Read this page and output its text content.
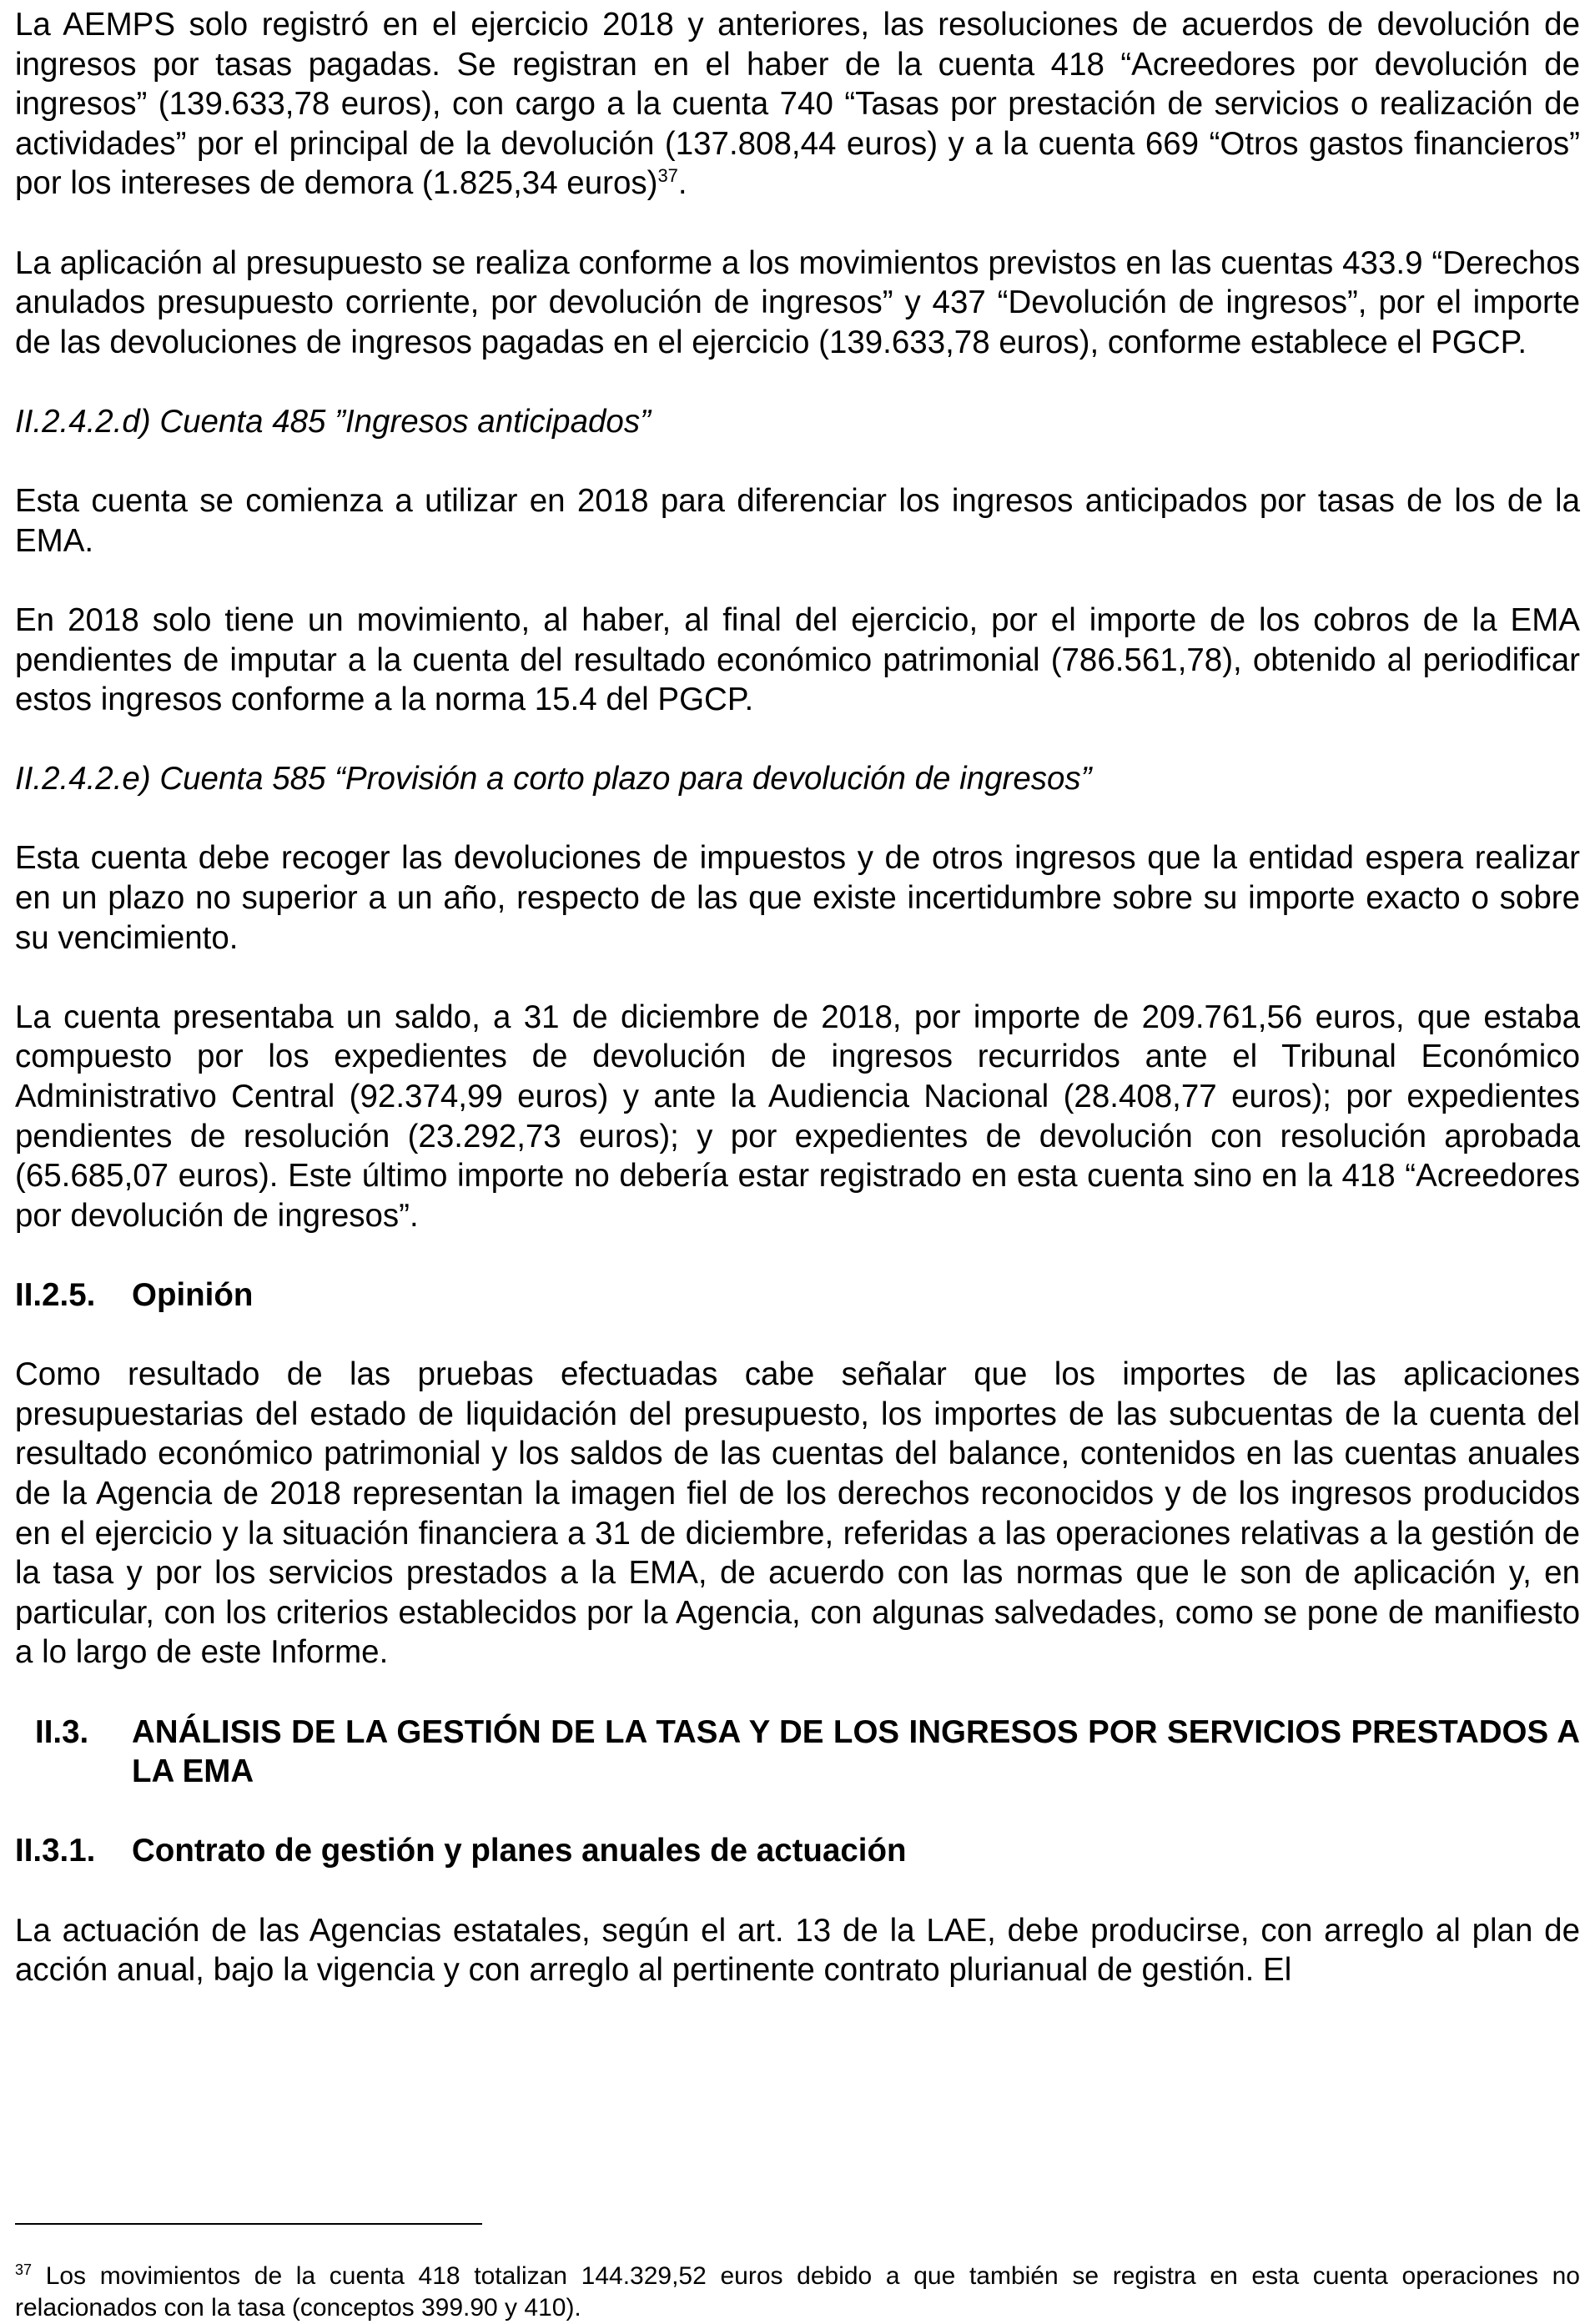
La AEMPS solo registró en el ejercicio 2018 y anteriores, las resoluciones de acuerdos de devolución de ingresos por tasas pagadas. Se registran en el haber de la cuenta 418 “Acreedores por devolución de ingresos” (139.633,78 euros), con cargo a la cuenta 740 “Tasas por prestación de servicios o realización de actividades” por el principal de la devolución (137.808,44 euros) y a la cuenta 669 “Otros gastos financieros” por los intereses de demora (1.825,34 euros)$^{37}$.

La aplicación al presupuesto se realiza conforme a los movimientos previstos en las cuentas 433.9 “Derechos anulados presupuesto corriente, por devolución de ingresos” y 437 “Devolución de ingresos”, por el importe de las devoluciones de ingresos pagadas en el ejercicio (139.633,78 euros), conforme establece el PGCP.

II.2.4.2.d) Cuenta 485 ”Ingresos anticipados”

Esta cuenta se comienza a utilizar en 2018 para diferenciar los ingresos anticipados por tasas de los de la EMA.

En 2018 solo tiene un movimiento, al haber, al final del ejercicio, por el importe de los cobros de la EMA pendientes de imputar a la cuenta del resultado económico patrimonial (786.561,78), obtenido al periodificar estos ingresos conforme a la norma 15.4 del PGCP.

II.2.4.2.e) Cuenta 585 “Provisión a corto plazo para devolución de ingresos”

Esta cuenta debe recoger las devoluciones de impuestos y de otros ingresos que la entidad espera realizar en un plazo no superior a un año, respecto de las que existe incertidumbre sobre su importe exacto o sobre su vencimiento.

La cuenta presentaba un saldo, a 31 de diciembre de 2018, por importe de 209.761,56 euros, que estaba compuesto por los expedientes de devolución de ingresos recurridos ante el Tribunal Económico Administrativo Central (92.374,99 euros) y ante la Audiencia Nacional (28.408,77 euros); por expedientes pendientes de resolución (23.292,73 euros); y por expedientes de devolución con resolución aprobada (65.685,07 euros). Este último importe no debería estar registrado en esta cuenta sino en la 418 “Acreedores por devolución de ingresos”.

II.2.5.	Opinión

Como resultado de las pruebas efectuadas cabe señalar que los importes de las aplicaciones presupuestarias del estado de liquidación del presupuesto, los importes de las subcuentas de la cuenta del resultado económico patrimonial y los saldos de las cuentas del balance, contenidos en las cuentas anuales de la Agencia de 2018 representan la imagen fiel de los derechos reconocidos y de los ingresos producidos en el ejercicio y la situación financiera a 31 de diciembre, referidas a las operaciones relativas a la gestión de la tasa y por los servicios prestados a la EMA, de acuerdo con las normas que le son de aplicación y, en particular, con los criterios establecidos por la Agencia, con algunas salvedades, como se pone de manifiesto a lo largo de este Informe.

II.3.	ANÁLISIS DE LA GESTIÓN DE LA TASA Y DE LOS INGRESOS POR SERVICIOS PRESTADOS A LA EMA
II.3.1.	Contrato de gestión y planes anuales de actuación

La actuación de las Agencias estatales, según el art. 13 de la LAE, debe producirse, con arreglo al plan de acción anual, bajo la vigencia y con arreglo al pertinente contrato plurianual de gestión. El

$^{37}$ Los movimientos de la cuenta 418 totalizan 144.329,52 euros debido a que también se registra en esta cuenta operaciones no relacionados con la tasa (conceptos 399.90 y 410).
